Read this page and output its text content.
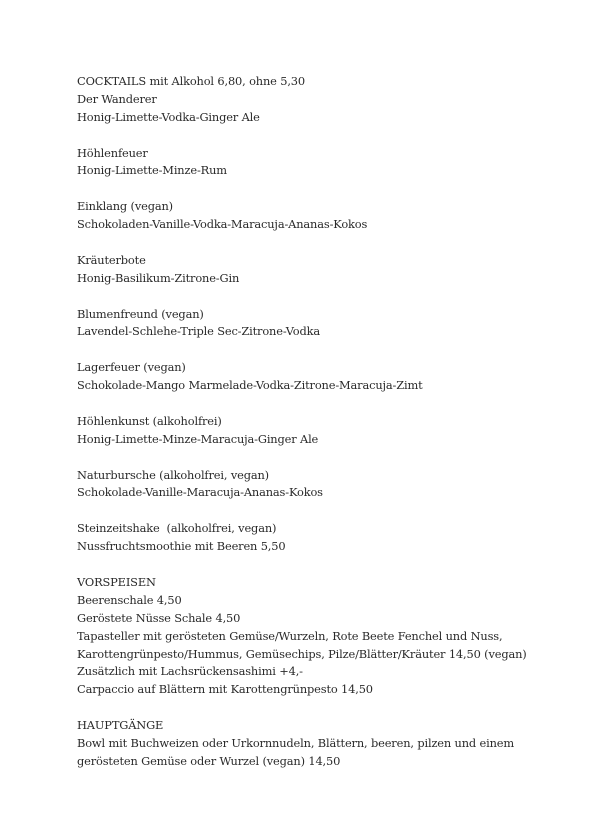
COCKTAILS mit Alkohol 6,80, ohne 5,30
Der Wanderer
Honig-Limette-Vodka-Ginger Ale
Höhlenfeuer
Honig-Limette-Minze-Rum
Einklang (vegan)
Schokoladen-Vanille-Vodka-Maracuja-Ananas-Kokos
Kräuterbote
Honig-Basilikum-Zitrone-Gin
Blumenfreund (vegan)
Lavendel-Schlehe-Triple Sec-Zitrone-Vodka
Lagerfeuer (vegan)
Schokolade-Mango Marmelade-Vodka-Zitrone-Maracuja-Zimt
Höhlenkunst (alkoholfrei)
Honig-Limette-Minze-Maracuja-Ginger Ale
Naturbursche (alkoholfrei, vegan)
Schokolade-Vanille-Maracuja-Ananas-Kokos
Steinzeitshake  (alkoholfrei, vegan)
Nussfruchtsmoothie mit Beeren 5,50
VORSPEISEN
Beerenschale 4,50
Geröstete Nüsse Schale 4,50
Tapasteller mit gerösteten Gemüse/Wurzeln, Rote Beete Fenchel und Nuss,
Karottengrünpesto/Hummus, Gemüsechips, Pilze/Blätter/Kräuter 14,50 (vegan)
Zusätzlich mit Lachsrückensashimi +4,-
Carpaccio auf Blättern mit Karottengrünpesto 14,50
HAUPTGÄNGE
Bowl mit Buchweizen oder Urkornnudeln, Blättern, beeren, pilzen und einem
gerösteten Gemüse oder Wurzel (vegan) 14,50
